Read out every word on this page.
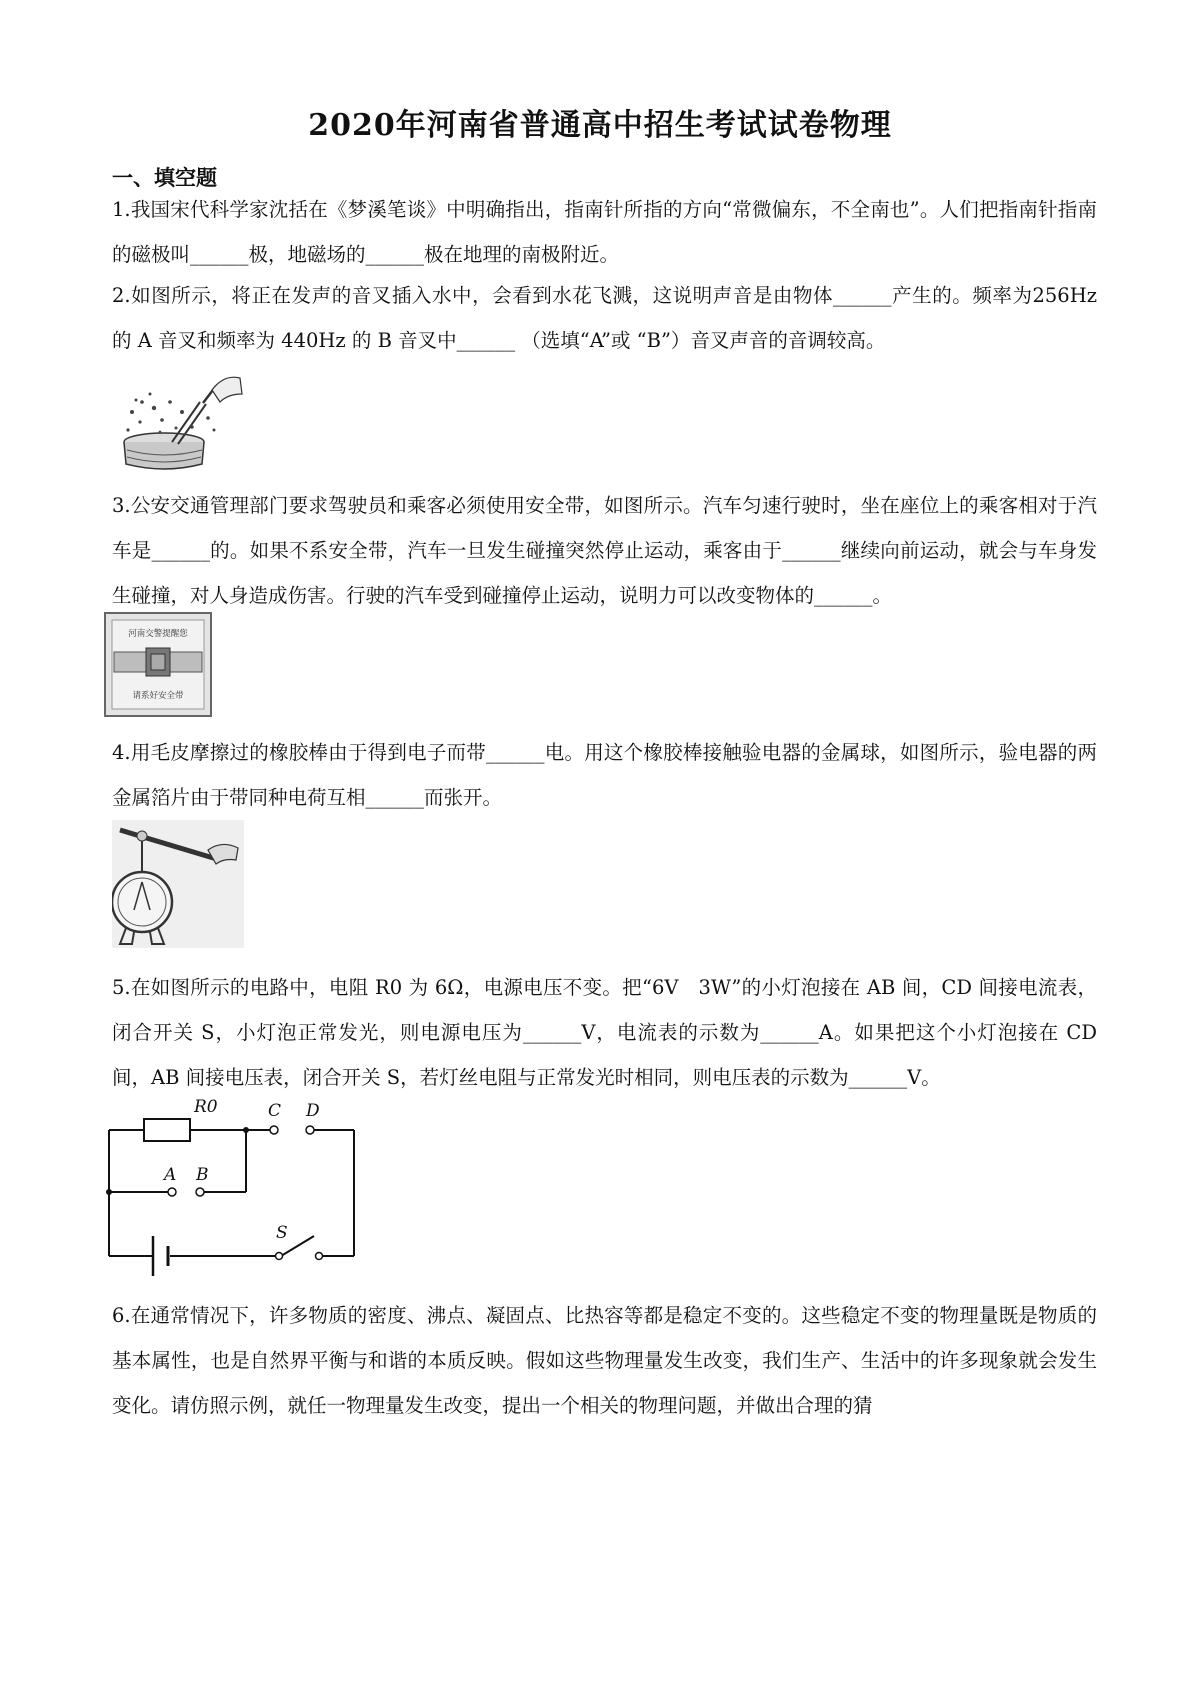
2020年河南省普通高中招生考试试卷物理
一、填空题

1.我国宋代科学家沈括在《梦溪笔谈》中明确指出，指南针所指的方向“常微偏东，不全南也”。人们把指南针指南的磁极叫______极，地磁场的______极在地理的南极附近。

2.如图所示，将正在发声的音叉插入水中，会看到水花飞溅，这说明声音是由物体______产生的。频率为256Hz 的 A 音叉和频率为 440Hz 的 B 音叉中______ （选填“A”或 “B”）音叉声音的音调较高。

3.公安交通管理部门要求驾驶员和乘客必须使用安全带，如图所示。汽车匀速行驶时，坐在座位上的乘客相对于汽车是______的。如果不系安全带，汽车一旦发生碰撞突然停止运动，乘客由于______继续向前运动，就会与车身发生碰撞，对人身造成伤害。行驶的汽车受到碰撞停止运动，说明力可以改变物体的______。

河南交警提醒您
请系好安全带

4.用毛皮摩擦过的橡胶棒由于得到电子而带______电。用这个橡胶棒接触验电器的金属球，如图所示，验电器的两金属箔片由于带同种电荷互相______而张开。

5.在如图所示的电路中，电阻 R0 为 6Ω，电源电压不变。把“6V　3W”的小灯泡接在 AB 间，CD 间接电流表，闭合开关 S，小灯泡正常发光，则电源电压为______V，电流表的示数为______A。如果把这个小灯泡接在 CD 间，AB 间接电压表，闭合开关 S，若灯丝电阻与正常发光时相同，则电压表的示数为______V。

R0	C D
A B
S

6.在通常情况下，许多物质的密度、沸点、凝固点、比热容等都是稳定不变的。这些稳定不变的物理量既是物质的基本属性，也是自然界平衡与和谐的本质反映。假如这些物理量发生改变，我们生产、生活中的许多现象就会发生变化。请仿照示例，就任一物理量发生改变，提出一个相关的物理问题，并做出合理的猜
